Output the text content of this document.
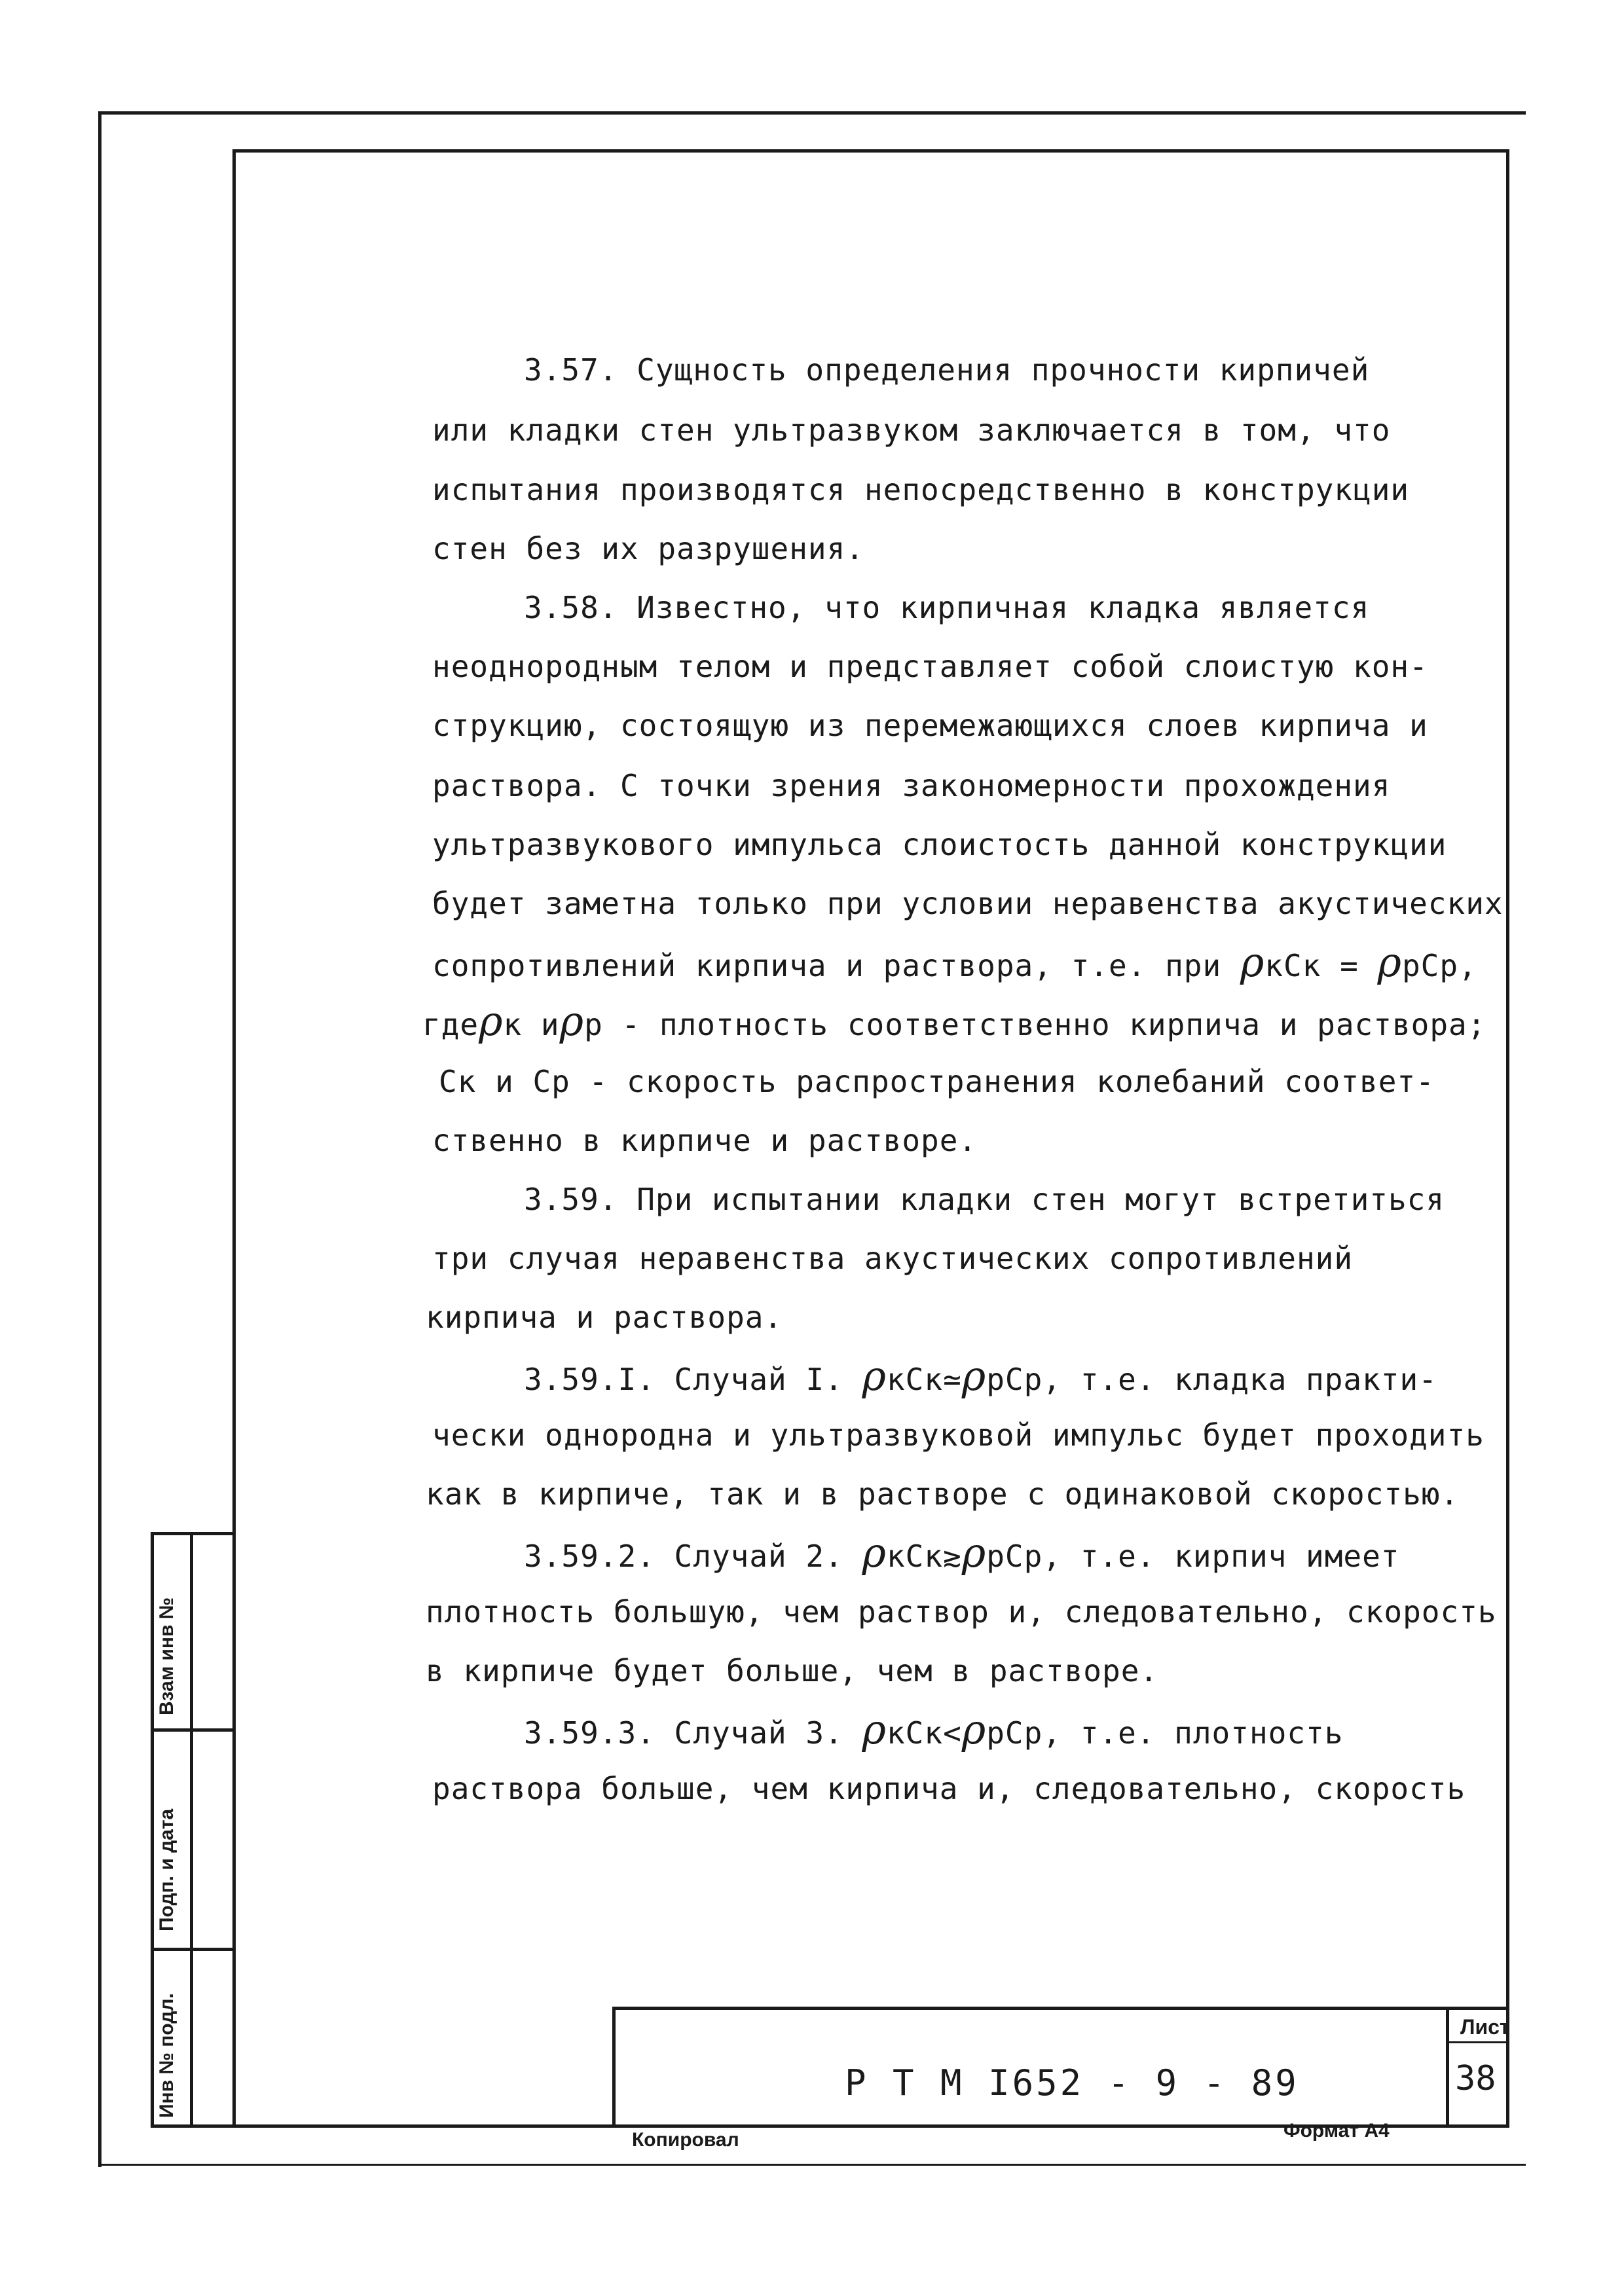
Взам инв №
Подп. и дата
Инв № подл.	Р Т М I652 - 9 - 89
Лист
38
Копировал	Формат А4
3.57. Сущность определения прочности кирпичей
или кладки стен ультразвуком заключается в том, что
испытания производятся непосредственно в конструкции
стен без их разрушения.
3.58. Известно, что кирпичная кладка является
неоднородным телом и представляет собой слоистую кон-
струкцию, состоящую из перемежающихся слоев кирпича и
раствора. С точки зрения закономерности прохождения
ультразвукового импульса слоистость данной конструкции
будет заметна только при условии неравенства акустических
сопротивлений кирпича и раствора, т.е. при ρкСк = ρрСр,
гдеρк иρр - плотность соответственно кирпича и раствора;
Ск и Ср - скорость распространения колебаний соответ-
ственно в кирпиче и растворе.
3.59. При испытании кладки стен могут встретиться
три случая неравенства акустических сопротивлений
кирпича и раствора.
3.59.I. Случай I. ρкСк≃ρрСр, т.е. кладка практи-
чески однородна и ультразвуковой импульс будет проходить
как в кирпиче, так и в растворе с одинаковой скоростью.
3.59.2. Случай 2. ρкСк≳ρрСр, т.е. кирпич имеет
плотность большую, чем раствор и, следовательно, скорость
в кирпиче будет больше, чем в растворе.
3.59.3. Случай 3. ρкСк<ρрСр, т.е. плотность
раствора больше, чем кирпича и, следовательно, скорость
